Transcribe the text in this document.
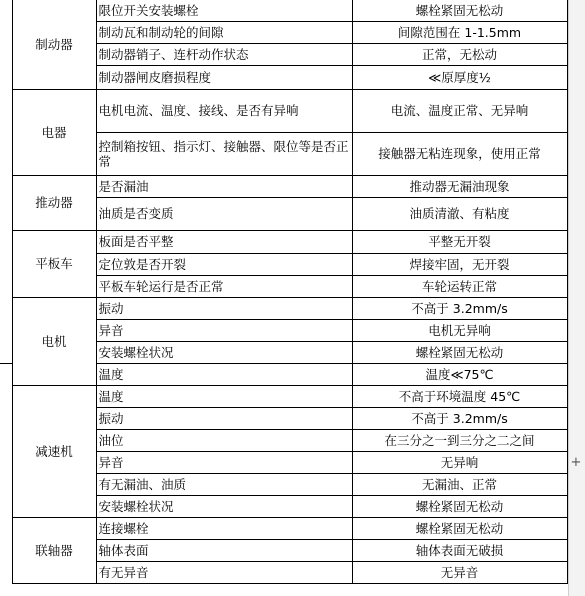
	制动器	限位开关安装螺栓	螺栓紧固无松动
		制动瓦和制动轮的间隙	间隙范围在 1-1.5mm
		制动器销子、连杆动作状态	正常，无松动
		制动器闸皮磨损程度	≪原厚度½
	电器	电机电流、温度、接线、是否有异响	电流、温度正常、无异响
		控制箱按钮、指示灯、接触器、限位等是否正常	接触器无粘连现象，使用正常
	推动器	是否漏油	推动器无漏油现象
		油质是否变质	油质清澈、有粘度
	平板车	板面是否平整	平整无开裂
		定位敦是否开裂	焊接牢固，无开裂
		平板车轮运行是否正常	车轮运转正常
	电机	振动	不高于 3.2mm/s
		异音	电机无异响
		安装螺栓状况	螺栓紧固无松动
		温度	温度≪75℃
	减速机	温度	不高于环境温度 45℃
		振动	不高于 3.2mm/s
		油位	在三分之一到三分之二之间
		异音	无异响
		有无漏油、油质	无漏油、正常
		安装螺栓状况	螺栓紧固无松动
	联轴器	连接螺栓	螺栓紧固无松动
		轴体表面	轴体表面无破损
		有无异音	无异音
+
